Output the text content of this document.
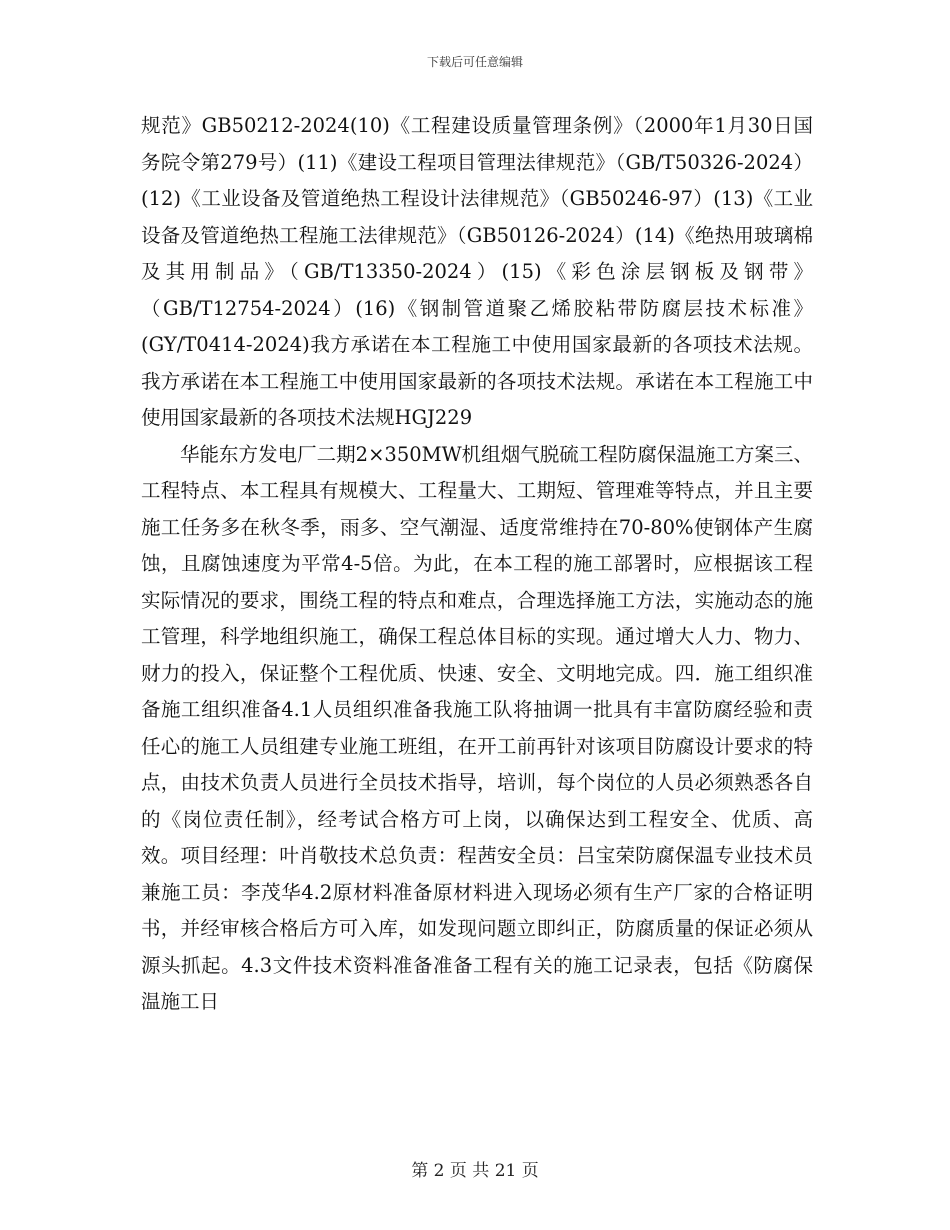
下载后可任意编辑

规范》GB50212-2024(10)《工程建设质量管理条例》（2000年1月30日国务院令第279号）(11)《建设工程项目管理法律规范》（GB/T50326-2024）(12)《工业设备及管道绝热工程设计法律规范》（GB50246-97）(13)《工业设备及管道绝热工程施工法律规范》（GB50126-2024）(14)《绝热用玻璃棉及其用制品》（GB/T13350-2024）(15)《彩色涂层钢板及钢带》（GB/T12754-2024）(16)《钢制管道聚乙烯胶粘带防腐层技术标准》(GY/T0414-2024)我方承诺在本工程施工中使用国家最新的各项技术法规。我方承诺在本工程施工中使用国家最新的各项技术法规。承诺在本工程施工中使用国家最新的各项技术法规HGJ229

华能东方发电厂二期2×350MW机组烟气脱硫工程防腐保温施工方案三、工程特点、本工程具有规模大、工程量大、工期短、管理难等特点，并且主要施工任务多在秋冬季，雨多、空气潮湿、适度常维持在70-80%使钢体产生腐蚀，且腐蚀速度为平常4-5倍。为此，在本工程的施工部署时，应根据该工程实际情况的要求，围绕工程的特点和难点，合理选择施工方法，实施动态的施工管理，科学地组织施工，确保工程总体目标的实现。通过增大人力、物力、财力的投入，保证整个工程优质、快速、安全、文明地完成。四．施工组织准备施工组织准备4.1人员组织准备我施工队将抽调一批具有丰富防腐经验和责任心的施工人员组建专业施工班组，在开工前再针对该项目防腐设计要求的特点，由技术负责人员进行全员技术指导，培训，每个岗位的人员必须熟悉各自的《岗位责任制》，经考试合格方可上岗，以确保达到工程安全、优质、高效。项目经理：叶肖敬技术总负责：程茜安全员：吕宝荣防腐保温专业技术员兼施工员：李茂华4.2原材料准备原材料进入现场必须有生产厂家的合格证明书，并经审核合格后方可入库，如发现问题立即纠正，防腐质量的保证必须从源头抓起。4.3文件技术资料准备准备工程有关的施工记录表，包括《防腐保温施工日

第 2 页 共 21 页
